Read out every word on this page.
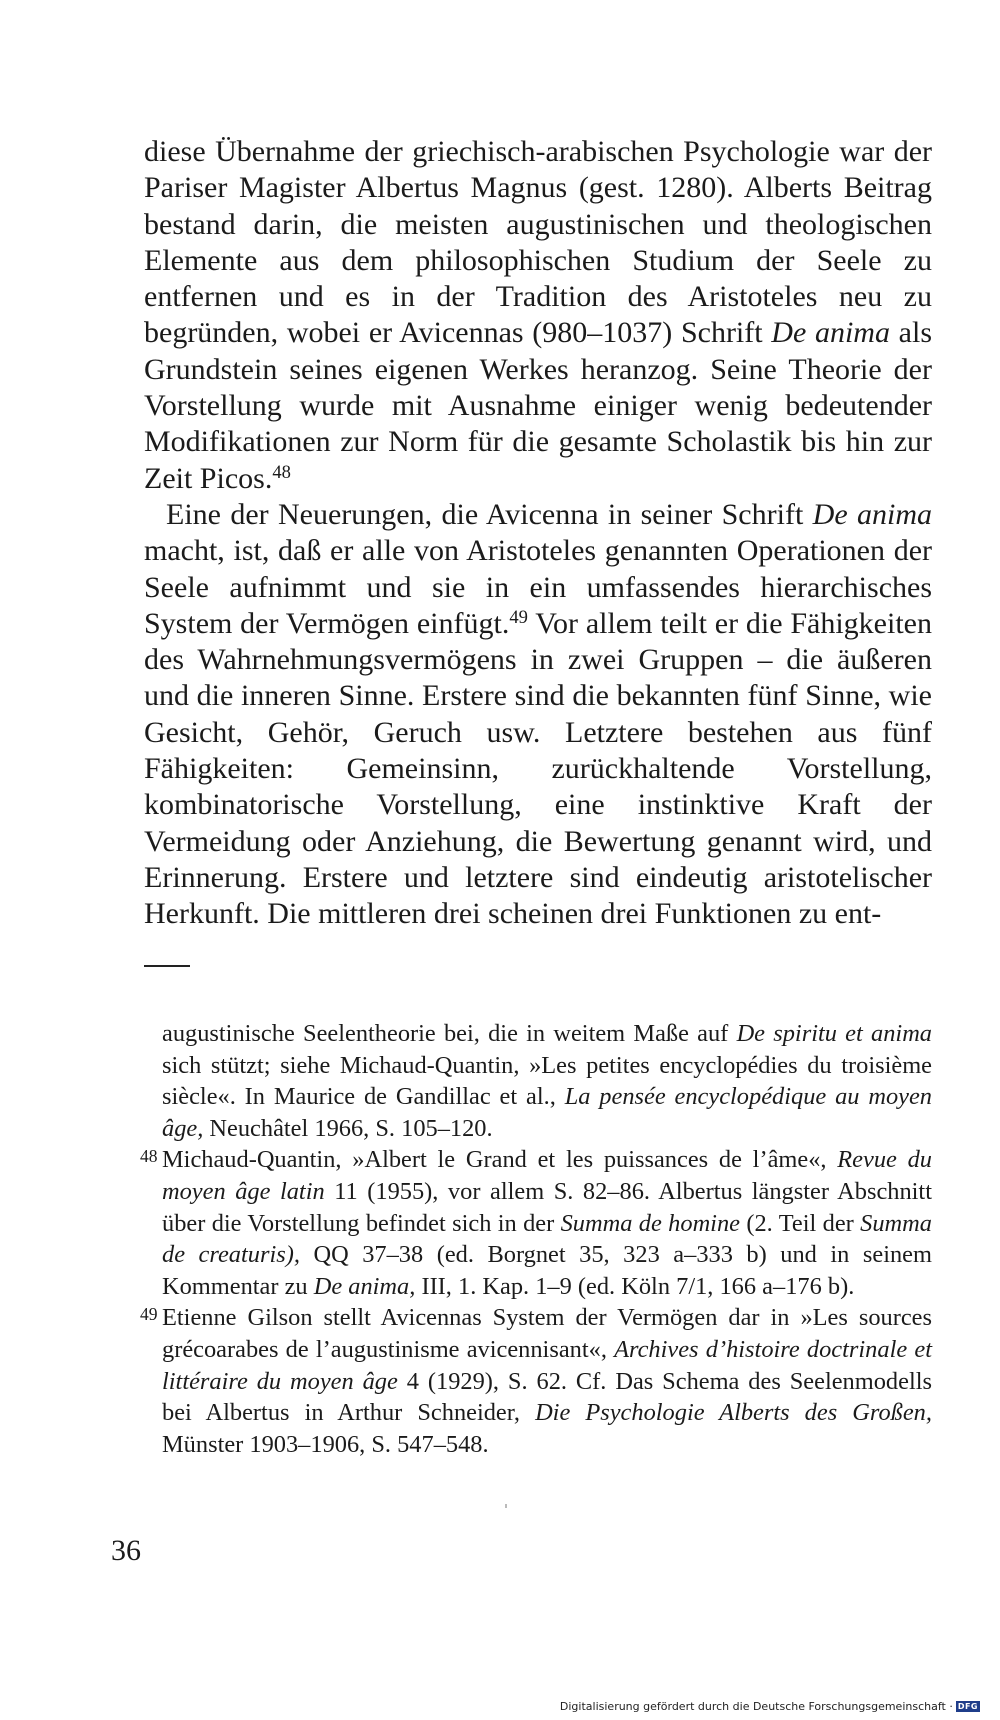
diese Übernahme der griechisch-arabischen Psychologie war der Pariser Magister Albertus Magnus (gest. 1280). Alberts Beitrag bestand darin, die meisten augustinischen und theologischen Elemente aus dem philosophischen Studium der Seele zu entfernen und es in der Tradition des Aristoteles neu zu begründen, wobei er Avicennas (980–1037) Schrift De anima als Grundstein seines eigenen Werkes heranzog. Seine Theorie der Vorstellung wurde mit Ausnahme einiger wenig bedeutender Modifikationen zur Norm für die gesamte Scholastik bis hin zur Zeit Picos.$^{48}$

Eine der Neuerungen, die Avicenna in seiner Schrift De anima macht, ist, daß er alle von Aristoteles genannten Operationen der Seele aufnimmt und sie in ein umfassendes hierarchisches System der Vermögen einfügt.$^{49}$ Vor allem teilt er die Fähigkeiten des Wahrnehmungsvermögens in zwei Gruppen – die äußeren und die inneren Sinne. Erstere sind die bekannten fünf Sinne, wie Gesicht, Gehör, Geruch usw. Letztere bestehen aus fünf Fähigkeiten: Gemeinsinn, zurückhaltende Vorstellung, kombinatorische Vorstellung, eine instinktive Kraft der Vermeidung oder Anziehung, die Bewertung genannt wird, und Erinnerung. Erstere und letztere sind eindeutig aristotelischer Herkunft. Die mittleren drei scheinen drei Funktionen zu ent-

augustinische Seelentheorie bei, die in weitem Maße auf De spiritu et anima sich stützt; siehe Michaud-Quantin, »Les petites encyclopédies du troisième siècle«. In Maurice de Gandillac et al., La pensée encyclopédique au moyen âge, Neuchâtel 1966, S. 105–120.

48 Michaud-Quantin, »Albert le Grand et les puissances de l’âme«, Revue du moyen âge latin 11 (1955), vor allem S. 82–86. Albertus längster Abschnitt über die Vorstellung befindet sich in der Summa de homine (2. Teil der Summa de creaturis), QQ 37–38 (ed. Borgnet 35, 323 a–333 b) und in seinem Kommentar zu De anima, III, 1. Kap. 1–9 (ed. Köln 7/1, 166 a–176 b).

49 Etienne Gilson stellt Avicennas System der Vermögen dar in »Les sources grécoarabes de l’augustinisme avicennisant«, Archives d’histoire doctrinale et littéraire du moyen âge 4 (1929), S. 62. Cf. Das Schema des Seelenmodells bei Albertus in Arthur Schneider, Die Psychologie Alberts des Großen, Münster 1903–1906, S. 547–548.

36
Digitalisierung gefördert durch die Deutsche Forschungsgemeinschaft · DFG
